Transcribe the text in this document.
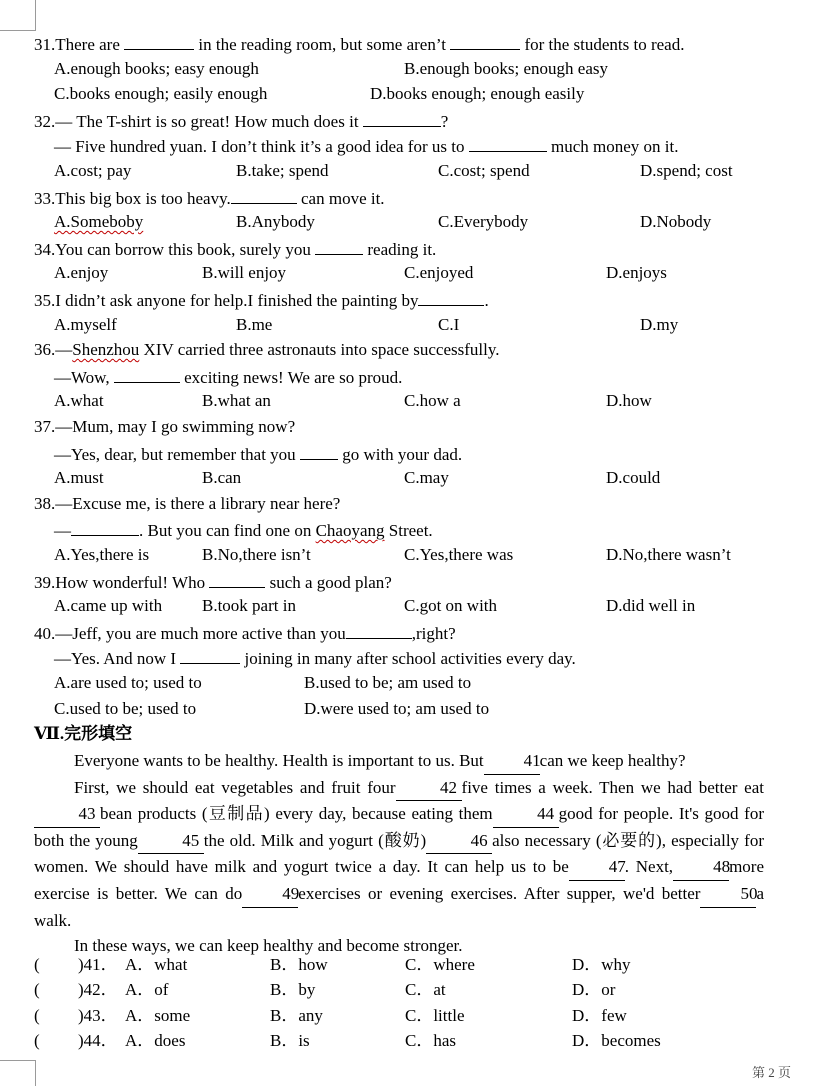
31.There are	in the reading room, but some aren’t	for the students to read.
A.enough books; easy enough	B.enough books; enough easy
C.books enough; easily enough	D.books enough; enough easily
32.— The T-shirt is so great! How much does it	?
— Five hundred yuan. I don’t think it’s a good idea for us to	much money on it.
A.cost; pay	B.take; spend	C.cost; spend	D.spend; cost
33.This big box is too heavy.	can move it.
A.Someboby	B.Anybody	C.Everybody	D.Nobody
34.You can borrow this book, surely you	reading it.
A.enjoy	B.will enjoy	C.enjoyed	D.enjoys
35.I didn’t ask anyone for help.I finished the painting by	.
A.myself	B.me	C.I	D.my
36.—Shenzhou XIV carried three astronauts into space successfully.
—Wow,	exciting news! We are so proud.
A.what	B.what an	C.how a	D.how
37.—Mum, may I go swimming now?
—Yes, dear, but remember that you  go with your dad.
A.must	B.can	C.may	D.could
38.—Excuse me, is there a library near here?
—	. But you can find one on Chaoyang Street.
A.Yes,there is	B.No,there isn’t	C.Yes,there was	D.No,there wasn’t
39.How wonderful! Who	such a good plan?
A.came up with B.took part in	C.got on with	D.did well in
40.—Jeff, you are much more active than you	,right?
—Yes. And now I	joining in many after school activities every day.
A.are used to; used to	B.used to be; am used to
C.used to be; used to	D.were used to; am used to
Ⅶ.完形填空

Everyone wants to be healthy. Health is important to us. But 41can we keep healthy?

First, we should eat vegetables and fruit four	42 five times a week. Then we had better eat43 bean products (豆制品) every day, because eating them	44 good for people. It's good for both the young	45 the old. Milk and yogurt (酸奶)	46 also necessary (必要的), especially for women. We should have milk and yogurt twice a day. It can help us to be 47. Next, 48more exercise is better. We can do 49exercises or evening exercises. After supper, we'd better 50a walk.

In these ways, we can keep healthy and become stronger.

( )41． A．what	B．how	C．where	D．why
( )42． A．of	B．by	C．at	D．or
( )43． A．some	B．any	C．little	D．few
( )44． A．does	B．is	C．has	D．becomes
第 2 页
